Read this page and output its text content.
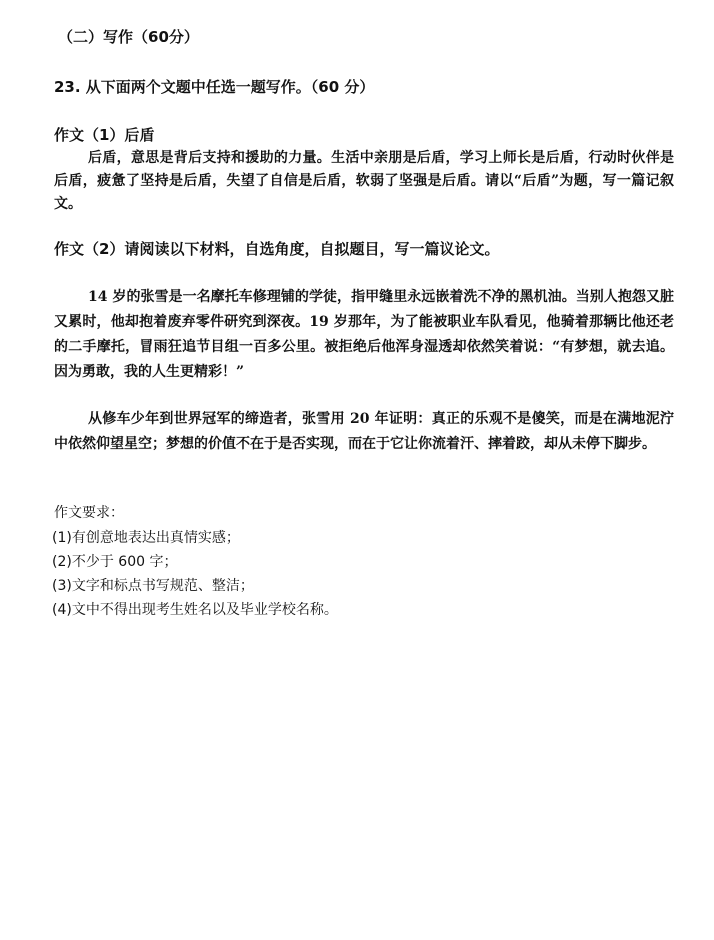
（二）写作（60分）
23. 从下面两个文题中任选一题写作。（60 分）
作文（1）后盾
后盾，意思是背后支持和援助的力量。生活中亲朋是后盾，学习上师长是后盾，行动时伙伴是后盾，疲惫了坚持是后盾，失望了自信是后盾，软弱了坚强是后盾。请以“后盾”为题，写一篇记叙文。
作文（2）请阅读以下材料，自选角度，自拟题目，写一篇议论文。
14 岁的张雪是一名摩托车修理铺的学徒，指甲缝里永远嵌着洗不净的黑机油。当别人抱怨又脏又累时，他却抱着废弃零件研究到深夜。19 岁那年，为了能被职业车队看见，他骑着那辆比他还老的二手摩托，冒雨狂追节目组一百多公里。被拒绝后他浑身湿透却依然笑着说：“有梦想，就去追。因为勇敢，我的人生更精彩！”
从修车少年到世界冠军的缔造者，张雪用 20 年证明：真正的乐观不是傻笑，而是在满地泥泞中依然仰望星空；梦想的价值不在于是否实现，而在于它让你流着汗、摔着跤，却从未停下脚步。
作文要求：
(1)有创意地表达出真情实感；
(2)不少于 600 字；
(3)文字和标点书写规范、整洁；
(4)文中不得出现考生姓名以及毕业学校名称。
